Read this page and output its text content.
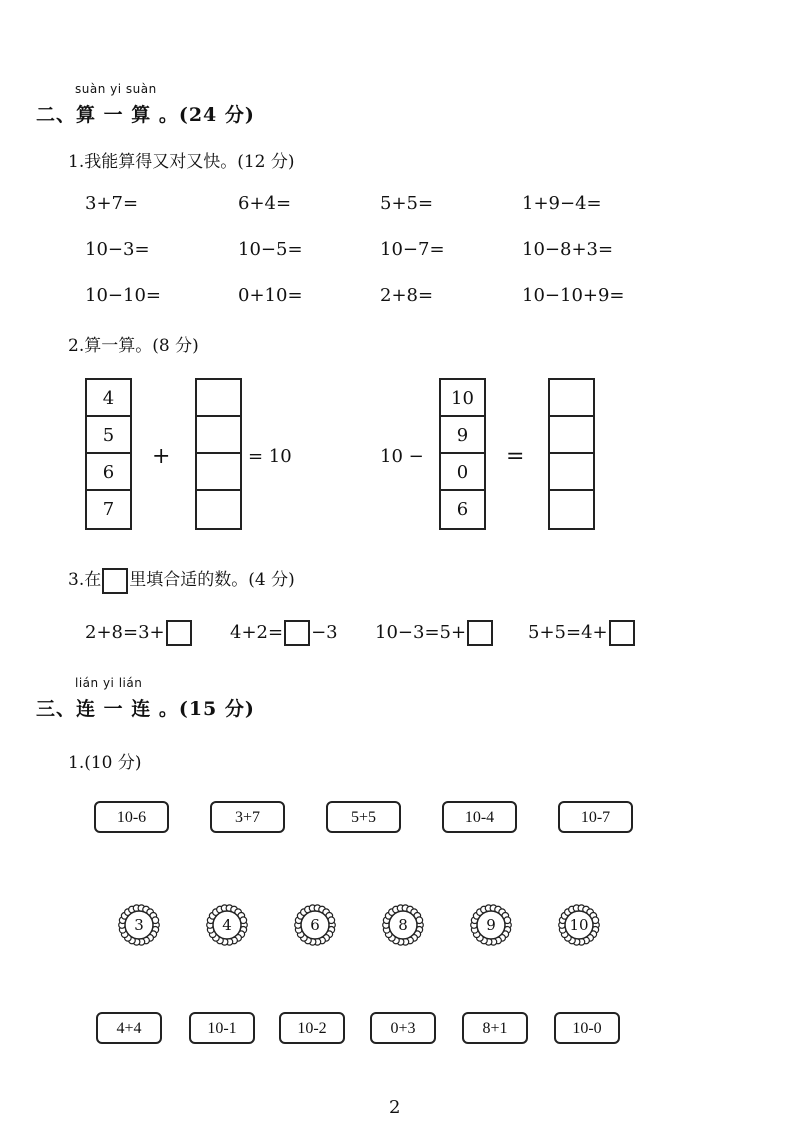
suàn yi suàn
二、算 一 算 。(24 分)
1.我能算得又对又快。(12 分)
3+7=	6+4=	5+5=	1+9−4=
10−3=	10−5=	10−7=	10−8+3=
10−10=	0+10=	2+8=	10−10+9=
2.算一算。(8 分)
4
5
6
7
+	= 10	10 −
10
9
0
6
=
3.在 里填合适的数。(4 分)
2+8=3+	4+2= −3 10−3=5+	5+5=4+
lián yi lián
三、连 一 连 。(15 分)
1.(10 分)
10-6	3+7	5+5	10-4	10-7
3	4	6	8	9	10
4+4	10-1	10-2	0+3	8+1	10-0
2
